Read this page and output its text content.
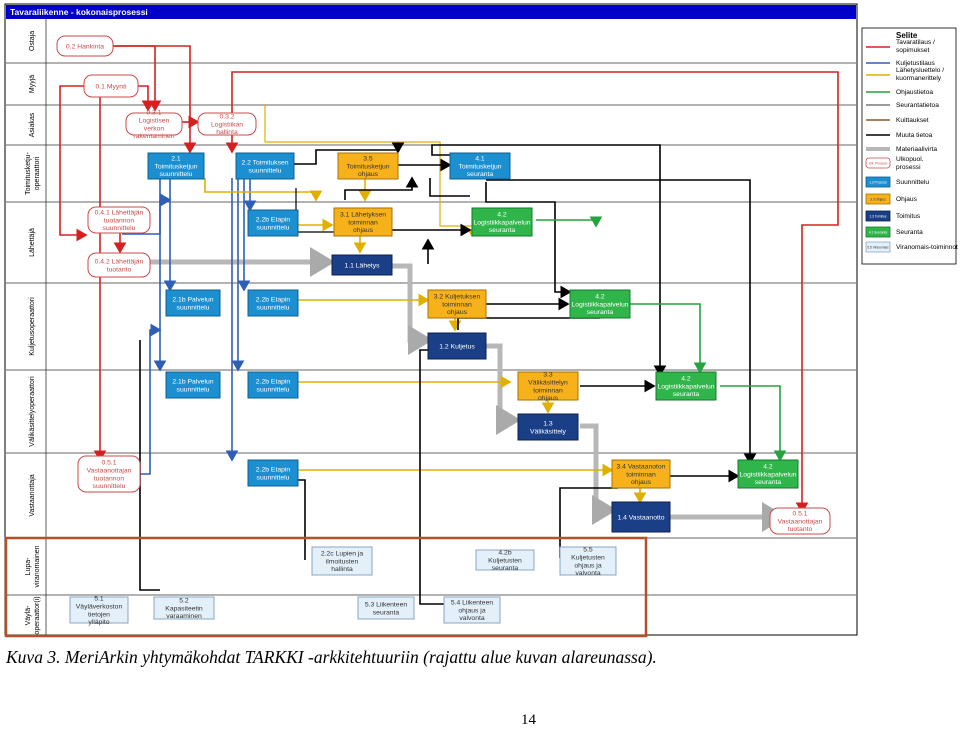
Tavaraliikenne - kokonaisprosessi
Ostaja
Myyjä
Asiakas
Toimitusketju- operaattori
Lähettäjä
Kuljetusoperaattori
Välikäsittelyoperaattori
Vastaanottaja
Lupa- viranomainen
Väylä- operaattor(i)
0.2 Hankinta
0.1 Myynti
0.3.1 Logistisen verkon rakentaminen
0.3.2 Logistiikan hallinta
2.1 Toimitusketjun suunnittelu
2.2 Toimituksen suunnittelu
3.5 Toimitusketjun ohjaus
4.1 Toimitusketjun seuranta
0.4.1 Lähettäjän tuotannon suunnittelu
0.4.2 Lähettäjän tuotanto
2.2b Etapin suunnittelu
3.1 Lähetyksen toiminnan ohjaus
4.2 Logistiikkapalvelun seuranta
1.1 Lähetys
2.1b Palvelun suunnittelu
2.2b Etapin suunnittelu
3.2 Kuljetuksen toiminnan ohjaus
4.2 Logistiikkapalvelun seuranta
1.2 Kuljetus
2.1b Palvelun suunnittelu
2.2b Etapin suunnittelu
3.3 Välikäsittelyn toiminnan ohjaus
4.2 Logistiikkapalvelun seuranta
1.3 Välikäsittely
0.5.1 Vastaanottajan tuotannon suunnittelu
2.2b Etapin suunnittelu
3.4 Vastaanoton toiminnan ohjaus
4.2 Logistiikkapalvelun seuranta
1.4 Vastaanotto
0.5.1 Vastaanottajan tuotanto
2.2c Lupien ja ilmoitusten hallinta
4.2b Kuljetusten seuranta
5.5 Kuljetusten ohjaus ja valvonta
5.1 Väyläverkoston tietojen ylläpito
5.2 Kapasiteetin varaaminen
5.3 Liikenteen seuranta
5.4 Liikenteen ohjaus ja valvonta
Selite
Tavaratilaus / sopimukset
Kuljetustilaus
Lähetysluettelo / kuormanerittely
Ohjaustietoa
Seurantatietoa
Kuittaukset
Muuta tietoa
Materiaalivirta
Ulk. Prosessi
Ulkopuol. prosessi
1.3 Prosessi Suunnittelu
3.3 Ohjaus Ohjaus
1.3 Toimitus Toimitus
4.1 Seuranta Seuranta
5.5 Viranomais Viranomais-toiminnot
Kuva 3. MeriArkin yhtymäkohdat TARKKI -arkkitehtuuriin (rajattu alue kuvan alareunassa).
14
